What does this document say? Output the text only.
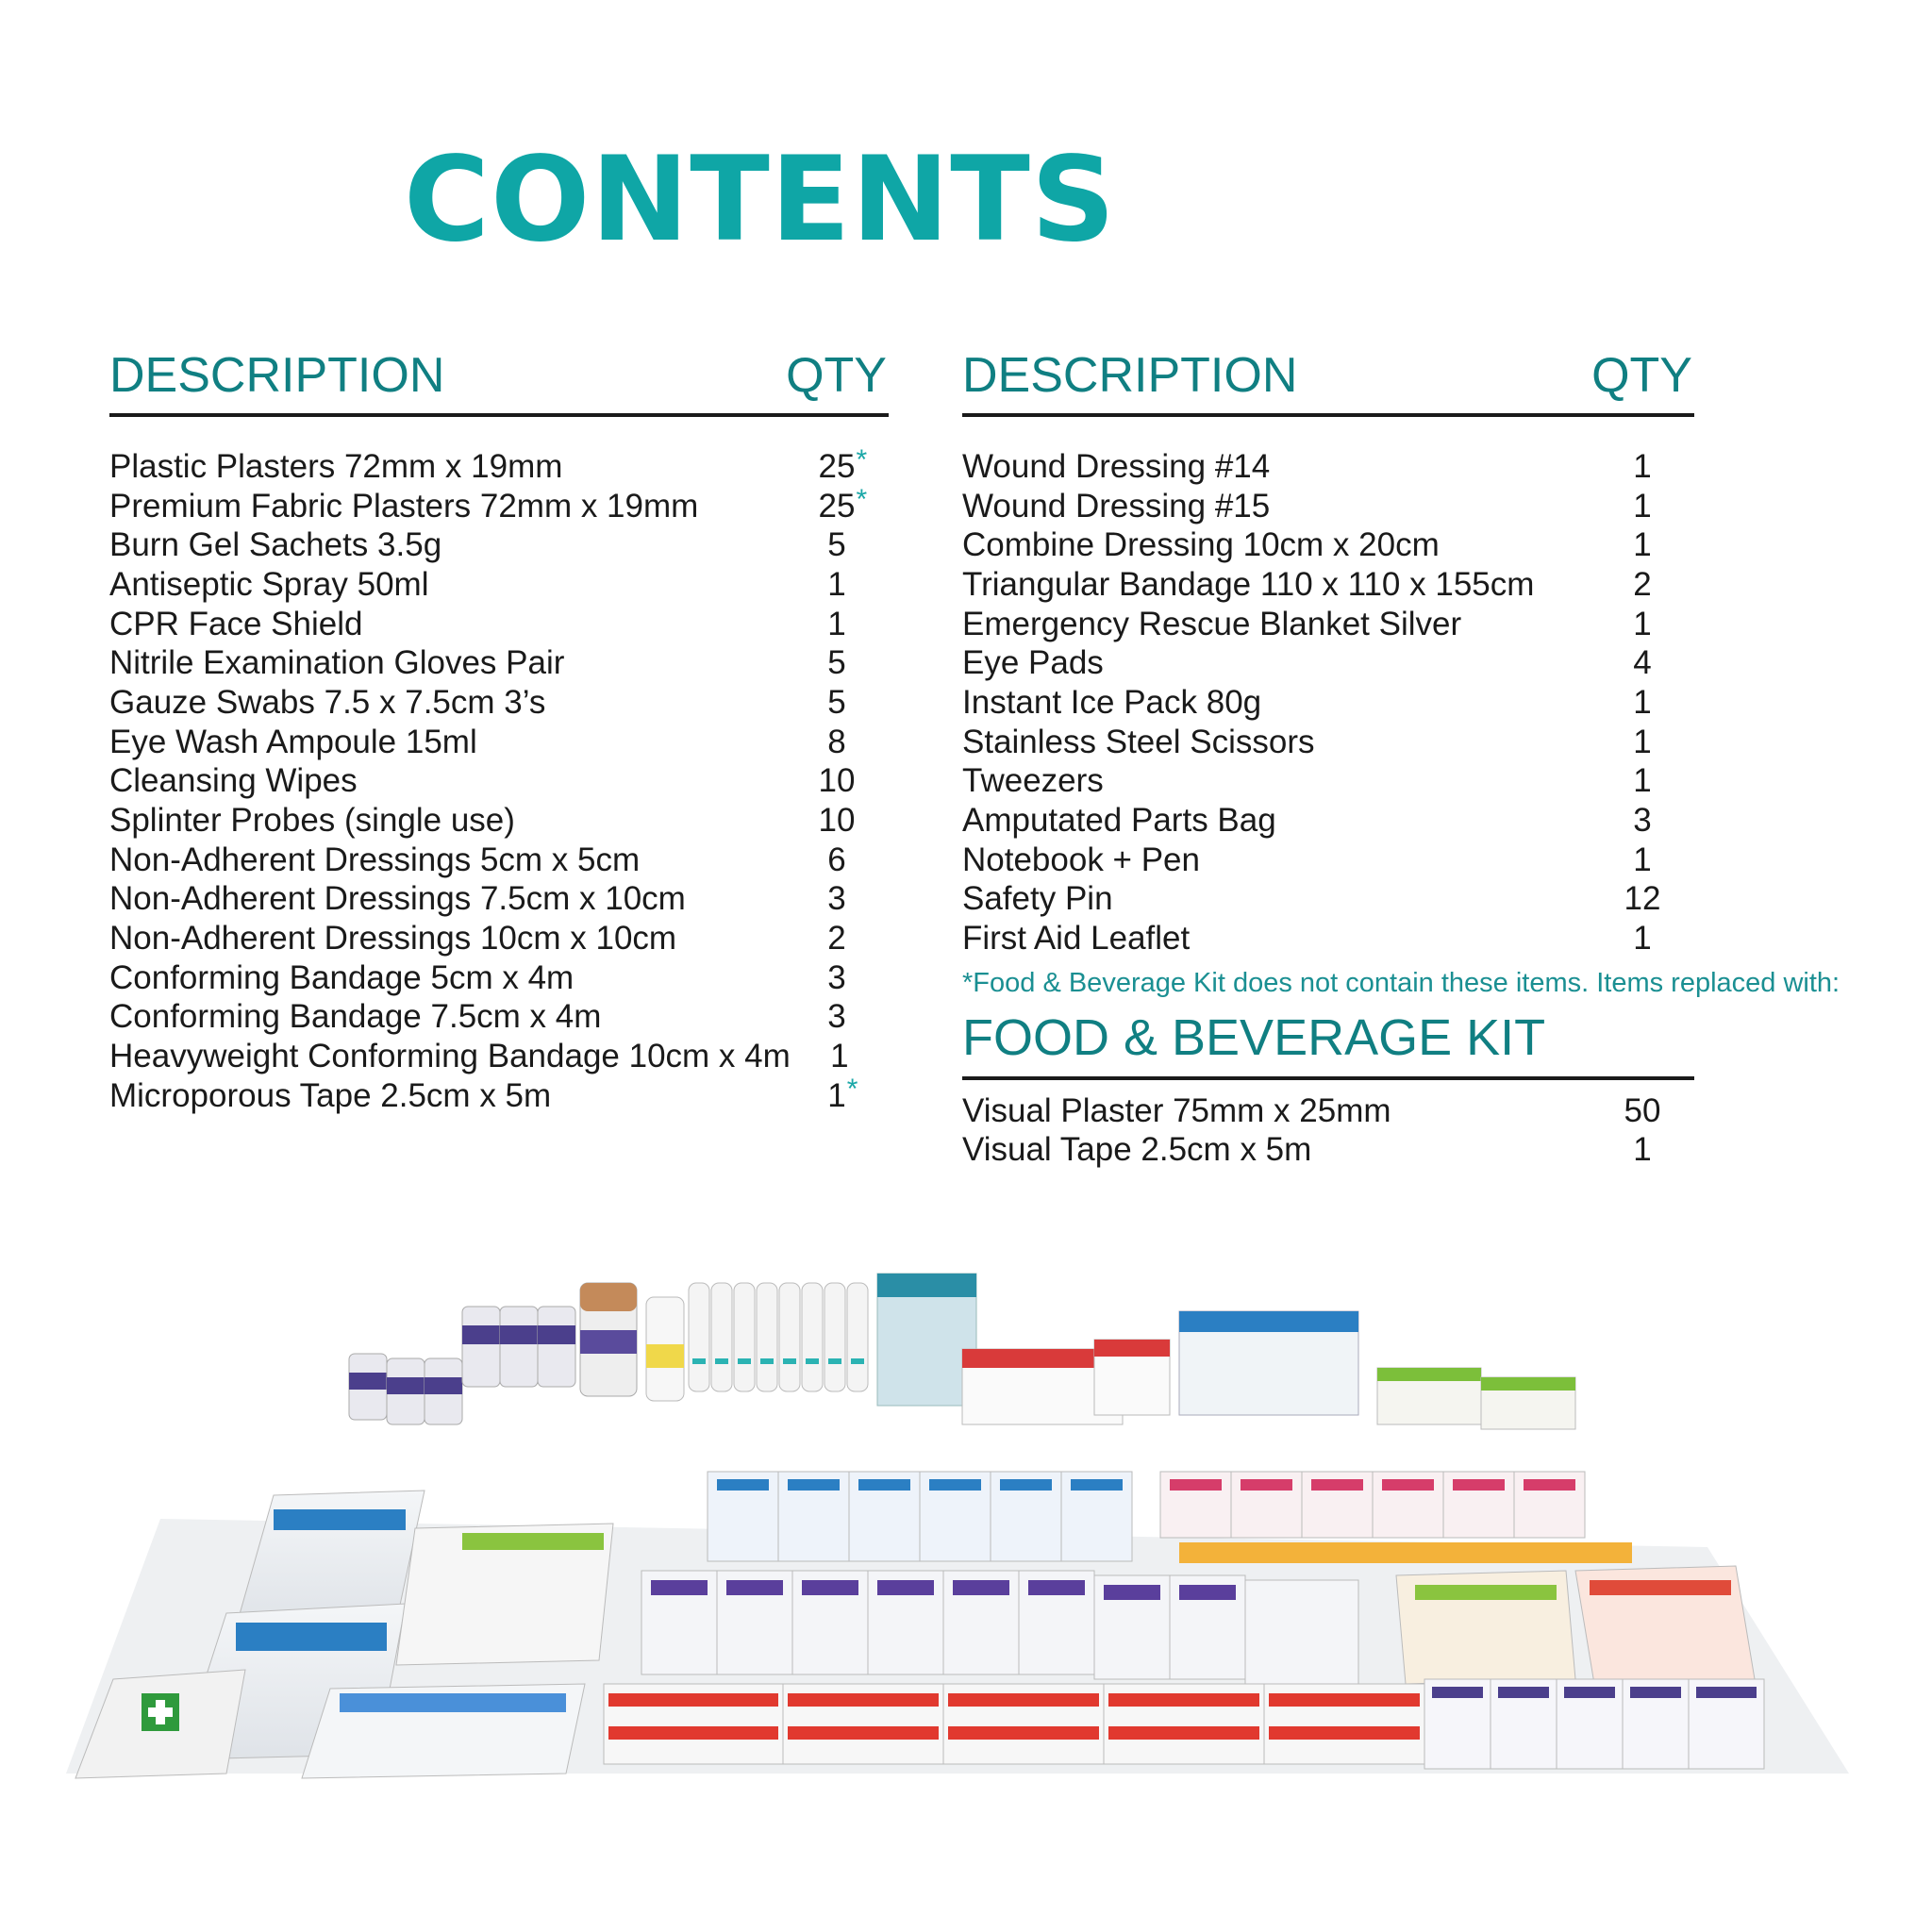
CONTENTS
DESCRIPTION	QTY
Plastic Plasters 72mm x 19mm	25 *
Premium Fabric Plasters 72mm x 19mm	25 *
Burn Gel Sachets 3.5g	5
Antiseptic Spray 50ml	1
CPR Face Shield	1
Nitrile Examination Gloves Pair	5
Gauze Swabs 7.5 x 7.5cm 3’s	5
Eye Wash Ampoule 15ml	8
Cleansing Wipes	10
Splinter Probes (single use)	10
Non-Adherent Dressings 5cm x 5cm	6
Non-Adherent Dressings 7.5cm x 10cm	3
Non-Adherent Dressings 10cm x 10cm	2
Conforming Bandage 5cm x 4m	3
Conforming Bandage 7.5cm x 4m	3
Heavyweight Conforming Bandage 10cm x 4m	1
Microporous Tape 2.5cm x 5m	1 *
DESCRIPTION	QTY
Wound Dressing #14	1
Wound Dressing #15	1
Combine Dressing 10cm x 20cm	1
Triangular Bandage 110 x 110 x 155cm	2
Emergency Rescue Blanket Silver	1
Eye Pads	4
Instant Ice Pack 80g	1
Stainless Steel Scissors	1
Tweezers	1
Amputated Parts Bag	3
Notebook + Pen	1
Safety Pin	12
First Aid Leaflet	1
*Food & Beverage Kit does not contain these items. Items replaced with:
FOOD & BEVERAGE KIT
Visual Plaster 75mm x 25mm	50
Visual Tape 2.5cm x 5m	1
